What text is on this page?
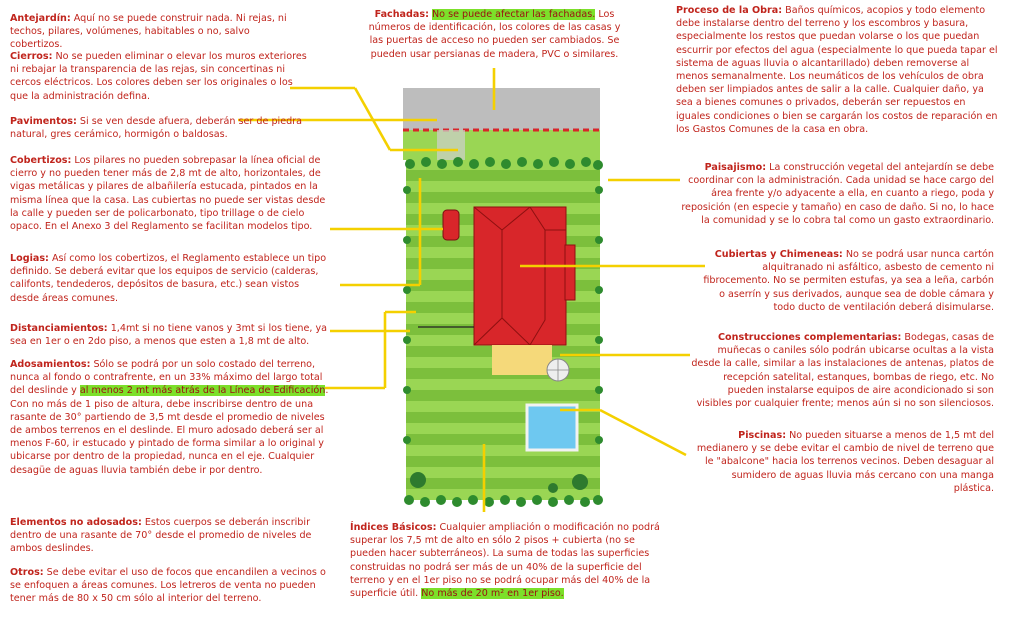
Antejardín: Aquí no se puede construir nada. Ni rejas, ni techos, pilares, volúmenes, habitables o no, salvo cobertizos.
Cierros: No se pueden eliminar o elevar los muros exteriores ni rebajar la transparencia de las rejas, sin concertinas ni cercos eléctricos. Los colores deben ser los originales o los que la administración defina.
Pavimentos: Si se ven desde afuera, deberán ser de piedra natural, gres cerámico, hormigón o baldosas.
Cobertizos: Los pilares no pueden sobrepasar la línea oficial de cierro y no pueden tener más de 2,8 mt de alto, horizontales, de vigas metálicas y pilares de albañilería estucada, pintados en la misma línea que la casa. Las cubiertas no puede ser vistas desde la calle y pueden ser de policarbonato, tipo trillage o de cielo opaco. En el Anexo 3 del Reglamento se facilitan modelos tipo.
Logias: Así como los cobertizos, el Reglamento establece un tipo definido. Se deberá evitar que los equipos de servicio (calderas, califonts, tendederos, depósitos de basura, etc.) sean vistos desde áreas comunes.
Distanciamientos: 1,4mt si no tiene vanos y 3mt si los tiene, ya sea en 1er o en 2do piso, a menos que esten a 1,8 mt de alto.
Adosamientos: Sólo se podrá por un solo costado del terreno, nunca al fondo o contrafrente, en un 33% máximo del largo total del deslinde y al menos 2 mt más atrás de la Línea de Edificación. Con no más de 1 piso de altura, debe inscribirse dentro de una rasante de 30° partiendo de 3,5 mt desde el promedio de niveles de ambos terrenos en el deslinde. El muro adosado deberá ser al menos F-60, ir estucado y pintado de forma similar a lo original y ubicarse por dentro de la propiedad, nunca en el eje. Cualquier desagüe de aguas lluvia también debe ir por dentro.
Elementos no adosados: Estos cuerpos se deberán inscribir dentro de una rasante de 70° desde el promedio de niveles de ambos deslindes.
Otros: Se debe evitar el uso de focos que encandilen a vecinos o se enfoquen a áreas comunes. Los letreros de venta no pueden tener más de 80 x 50 cm sólo al interior del terreno.
Fachadas: No se puede afectar las fachadas. Los números de identificación, los colores de las casas y las puertas de acceso no pueden ser cambiados. Se pueden usar persianas de madera, PVC o similares.
Índices Básicos: Cualquier ampliación o modificación no podrá superar los 7,5 mt de alto en sólo 2 pisos + cubierta (no se pueden hacer subterráneos). La suma de todas las superficies construidas no podrá ser más de un 40% de la superficie del terreno y en el 1er piso no se podrá ocupar más del 40% de la superficie útil. No más de 20 m² en 1er piso.
Proceso de la Obra: Baños químicos, acopios y todo elemento debe instalarse dentro del terreno y los escombros y basura, especialmente los restos que puedan volarse o los que puedan escurrir por efectos del agua (especialmente lo que pueda tapar el sistema de aguas lluvia o alcantarillado) deben removerse al menos semanalmente. Los neumáticos de los vehículos de obra deben ser limpiados antes de salir a la calle. Cualquier daño, ya sea a bienes comunes o privados, deberán ser repuestos en iguales condiciones o bien se cargarán los costos de reparación en los Gastos Comunes de la casa en obra.
Paisajismo: La construcción vegetal del antejardín se debe coordinar con la administración. Cada unidad se hace cargo del área frente y/o adyacente a ella, en cuanto a riego, poda y reposición (en especie y tamaño) en caso de daño. Si no, lo hace la comunidad y se lo cobra tal como un gasto extraordinario.
Cubiertas y Chimeneas: No se podrá usar nunca cartón alquitranado ni asfáltico, asbesto de cemento ni fibrocemento. No se permiten estufas, ya sea a leña, carbón o aserrín y sus derivados, aunque sea de doble cámara y todo ducto de ventilación deberá disimularse.
Construcciones complementarias: Bodegas, casas de muñecas o caniles sólo podrán ubicarse ocultas a la vista desde la calle, similar a las instalaciones de antenas, platos de recepción satelital, estanques, bombas de riego, etc. No pueden instalarse equipos de aire acondicionado si son visibles por cualquier frente; menos aún si no son silenciosos.
Piscinas: No pueden situarse a menos de 1,5 mt del medianero y se debe evitar el cambio de nivel de terreno que le "abalcone" hacia los terrenos vecinos. Deben desaguar al sumidero de aguas lluvia más cercano con una manga plástica.
